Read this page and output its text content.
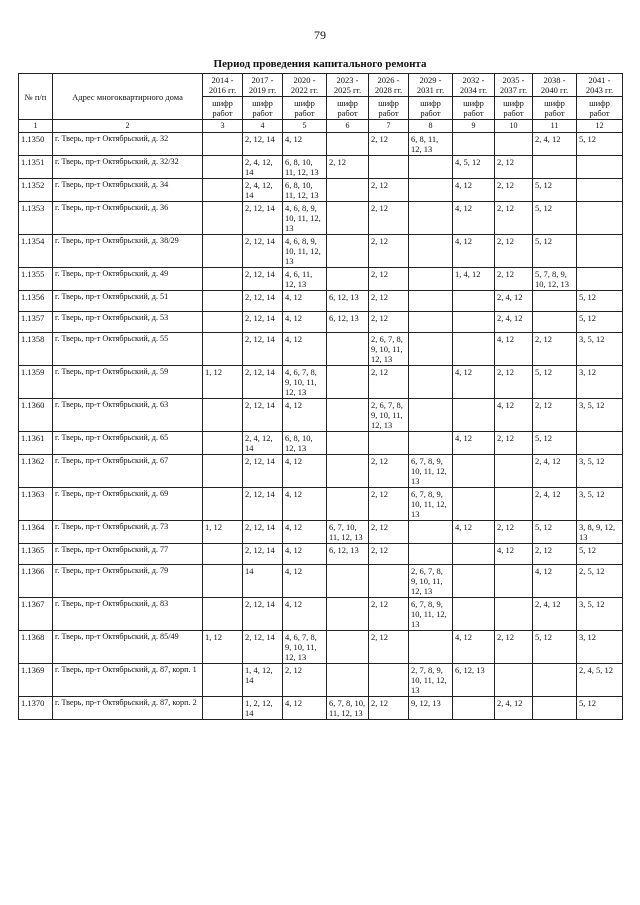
79
Период проведения капитального ремонта
№ п/п	Адрес многоквартирного дома	2014 - 2016 гг.	2017 - 2019 гг.	2020 - 2022 гг.	2023 - 2025 гг.	2026 - 2028 гг.	2029 - 2031 гг.	2032 - 2034 гг.	2035 - 2037 гг.	2038 - 2040 гг.	2041 - 2043 гг.
		шифр работ	шифр работ	шифр работ	шифр работ	шифр работ	шифр работ	шифр работ	шифр работ	шифр работ	шифр работ
1	2	3	4	5	6	7	8	9	10	11	12
1.1350	г. Тверь, пр-т Октябрьский, д. 32		2, 12, 14	4, 12		2, 12	6, 8, 11, 12, 13			2, 4, 12	5, 12
1.1351	г. Тверь, пр-т Октябрьский, д. 32/32		2, 4, 12, 14	6, 8, 10, 11, 12, 13	2, 12			4, 5, 12	2, 12		
1.1352	г. Тверь, пр-т Октябрьский, д. 34		2, 4, 12, 14	6, 8, 10, 11, 12, 13		2, 12		4, 12	2, 12	5, 12	
1.1353	г. Тверь, пр-т Октябрьский, д. 36		2, 12, 14	4, 6, 8, 9, 10, 11, 12, 13		2, 12		4, 12	2, 12	5, 12	
1.1354	г. Тверь, пр-т Октябрьский, д. 38/29		2, 12, 14	4, 6, 8, 9, 10, 11, 12, 13		2, 12		4, 12	2, 12	5, 12	
1.1355	г. Тверь, пр-т Октябрьский, д. 49		2, 12, 14	4, 6, 11, 12, 13		2, 12		1, 4, 12	2, 12	5, 7, 8, 9, 10, 12, 13	
1.1356	г. Тверь, пр-т Октябрьский, д. 51		2, 12, 14	4, 12	6, 12, 13	2, 12			2, 4, 12		5, 12
1.1357	г. Тверь, пр-т Октябрьский, д. 53		2, 12, 14	4, 12	6, 12, 13	2, 12			2, 4, 12		5, 12
1.1358	г. Тверь, пр-т Октябрьский, д. 55		2, 12, 14	4, 12		2, 6, 7, 8, 9, 10, 11, 12, 13			4, 12	2, 12	3, 5, 12
1.1359	г. Тверь, пр-т Октябрьский, д. 59	1, 12	2, 12, 14	4, 6, 7, 8, 9, 10, 11, 12, 13		2, 12		4, 12	2, 12	5, 12	3, 12
1.1360	г. Тверь, пр-т Октябрьский, д. 63		2, 12, 14	4, 12		2, 6, 7, 8, 9, 10, 11, 12, 13			4, 12	2, 12	3, 5, 12
1.1361	г. Тверь, пр-т Октябрьский, д. 65		2, 4, 12, 14	6, 8, 10, 12, 13				4, 12	2, 12	5, 12	
1.1362	г. Тверь, пр-т Октябрьский, д. 67		2, 12, 14	4, 12		2, 12	6, 7, 8, 9, 10, 11, 12, 13			2, 4, 12	3, 5, 12
1.1363	г. Тверь, пр-т Октябрьский, д. 69		2, 12, 14	4, 12		2, 12	6, 7, 8, 9, 10, 11, 12, 13			2, 4, 12	3, 5, 12
1.1364	г. Тверь, пр-т Октябрьский, д. 73	1, 12	2, 12, 14	4, 12	6, 7, 10, 11, 12, 13	2, 12		4, 12	2, 12	5, 12	3, 8, 9, 12, 13
1.1365	г. Тверь, пр-т Октябрьский, д. 77		2, 12, 14	4, 12	6, 12, 13	2, 12			4, 12	2, 12	5, 12
1.1366	г. Тверь, пр-т Октябрьский, д. 79		14	4, 12			2, 6, 7, 8, 9, 10, 11, 12, 13			4, 12	2, 5, 12
1.1367	г. Тверь, пр-т Октябрьский, д. 83		2, 12, 14	4, 12		2, 12	6, 7, 8, 9, 10, 11, 12, 13			2, 4, 12	3, 5, 12
1.1368	г. Тверь, пр-т Октябрьский, д. 85/49	1, 12	2, 12, 14	4, 6, 7, 8, 9, 10, 11, 12, 13		2, 12		4, 12	2, 12	5, 12	3, 12
1.1369	г. Тверь, пр-т Октябрьский, д. 87, корп. 1		1, 4, 12, 14	2, 12			2, 7, 8, 9, 10, 11, 12, 13	6, 12, 13			2, 4, 5, 12
1.1370	г. Тверь, пр-т Октябрьский, д. 87, корп. 2		1, 2, 12, 14	4, 12	6, 7, 8, 10, 11, 12, 13	2, 12	9, 12, 13		2, 4, 12		5, 12
